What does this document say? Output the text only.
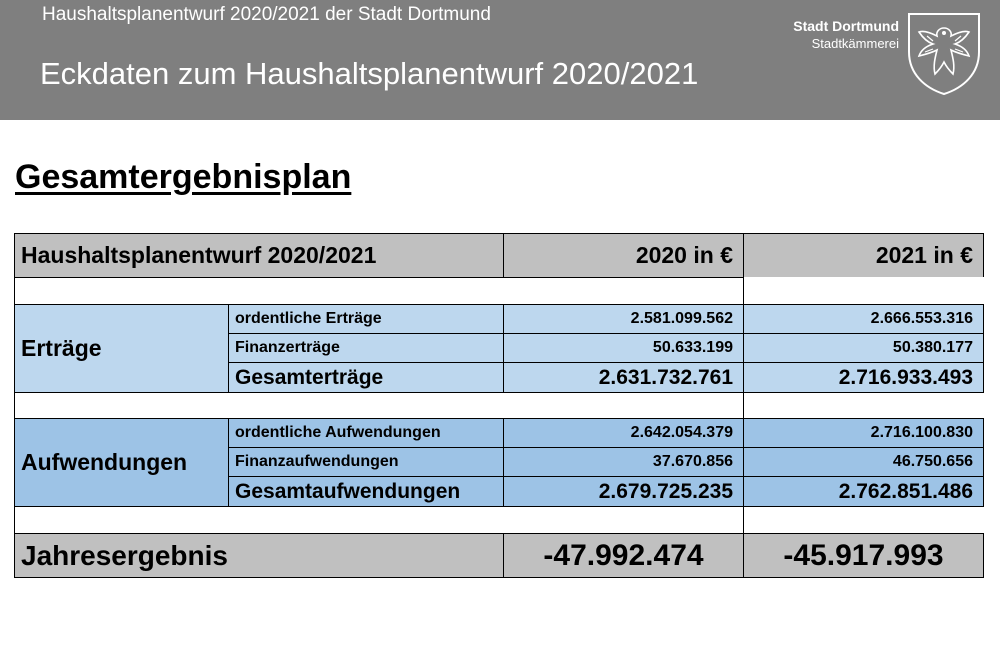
Haushaltsplanentwurf 2020/2021 der Stadt Dortmund
Eckdaten zum Haushaltsplanentwurf 2020/2021
Stadt Dortmund
Stadtkämmerei
Gesamtergebnisplan
Haushaltsplanentwurf 2020/2021	2020 in €	2021 in €
Erträge
ordentliche Erträge	2.581.099.562	2.666.553.316
Finanzerträge	50.633.199	50.380.177
Gesamterträge	2.631.732.761	2.716.933.493
Aufwendungen
ordentliche Aufwendungen	2.642.054.379	2.716.100.830
Finanzaufwendungen	37.670.856	46.750.656
Gesamtaufwendungen	2.679.725.235	2.762.851.486
Jahresergebnis	-47.992.474	-45.917.993
